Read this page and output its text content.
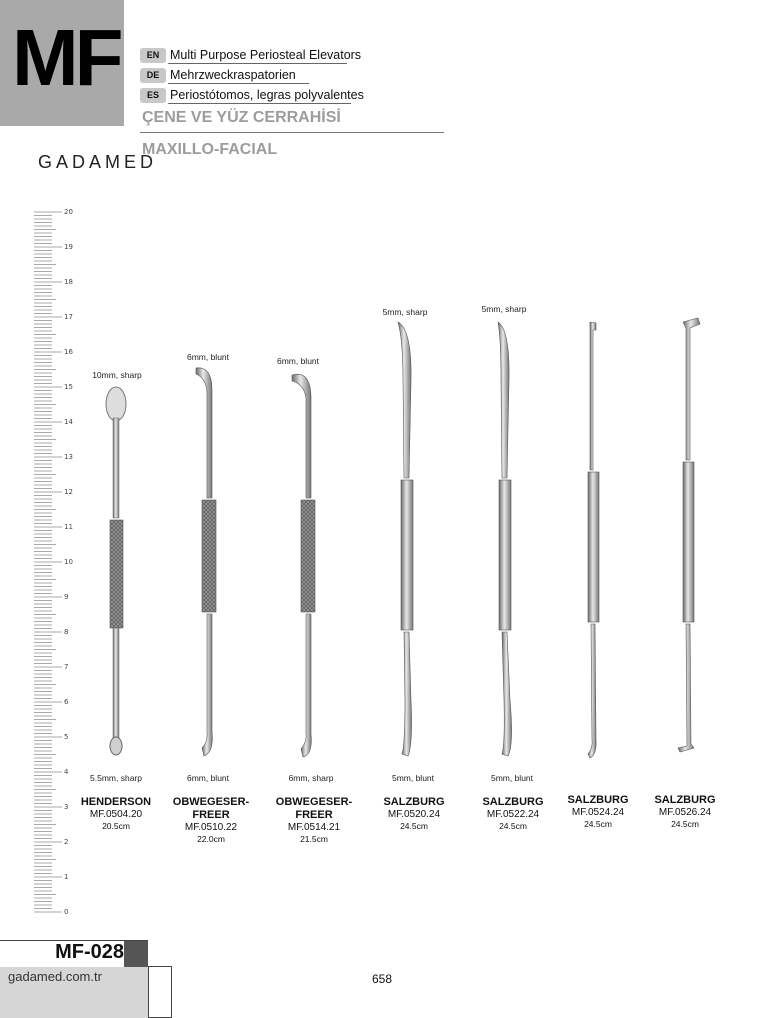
MF	EN Multi Purpose Periosteal Elevators
DE Mehrzweckraspatorien
ES Periostótomos, legras polyvalentes
ÇENE VE YÜZ CERRAHİSİ
MAXILLO-FACIAL
GADAMED
20
19
18
17
16
15
14
13
12
11
10
9
8
7
6
5
4
3
2
1
0
10mm, sharp
6mm, blunt	6mm, blunt
5mm, sharp	5mm, sharp
5.5mm, sharp	6mm, blunt	6mm, sharp	5mm, blunt	5mm, blunt
HENDERSON
MF.0504.20
20.5cm
OBWEGESER-
FREER
MF.0510.22
22.0cm
OBWEGESER-
FREER
MF.0514.21
21.5cm
SALZBURG
MF.0520.24
24.5cm
SALZBURG
MF.0522.24
24.5cm
SALZBURG
MF.0524.24
24.5cm
SALZBURG
MF.0526.24
24.5cm
MF-028
gadamed.com.tr	658
